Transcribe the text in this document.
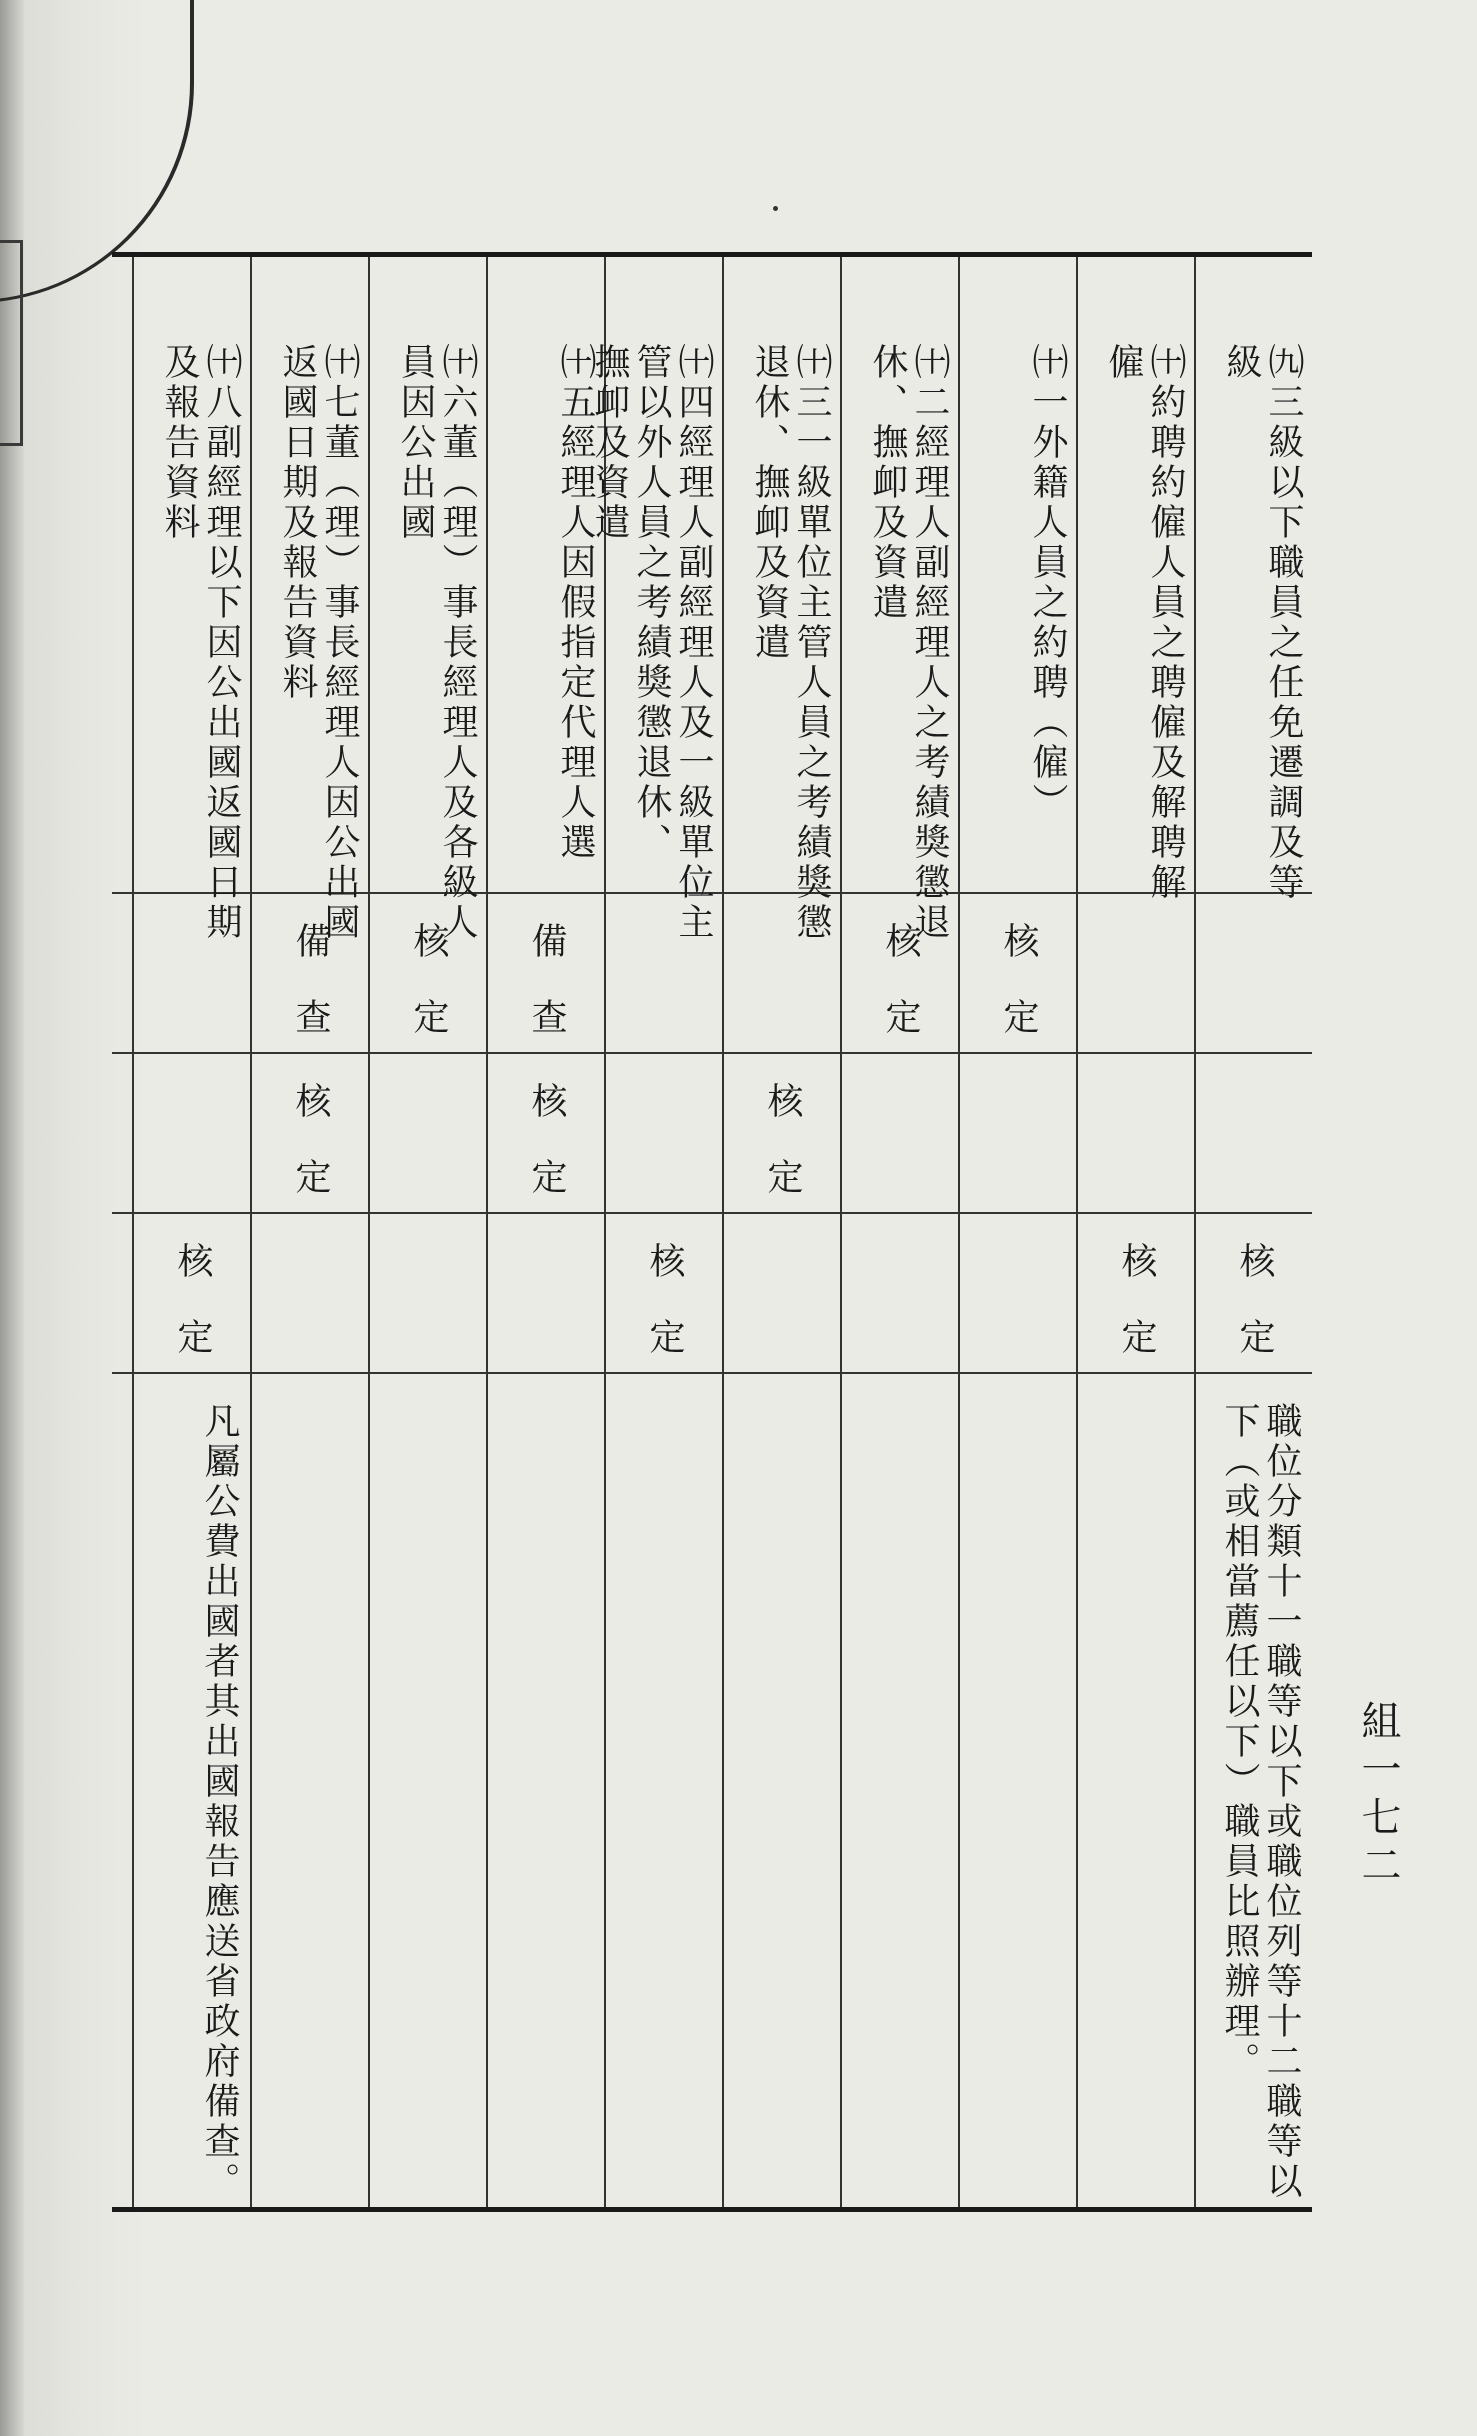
㈨三級以下職員之任免遷調及等
級
核定
職位分類十一職等以下或職位列等十二職等以
下（或相當薦任以下）職員比照辦理。
㈩約聘約僱人員之聘僱及解聘解
僱
核定
㈩一外籍人員之約聘（僱）
核定
㈩二經理人副經理人之考績獎懲退
休、撫卹及資遣
核定
㈩三一級單位主管人員之考績獎懲
退休、撫卹及資遣
核定
㈩四經理人副經理人及一級單位主
管以外人員之考績獎懲退休、
撫卹及資遣
核定
㈩五經理人因假指定代理人選
備查
核定
㈩六董（理）事長經理人及各級人
員因公出國
核定
㈩七董（理）事長經理人因公出國
返國日期及報告資料
備查
核定
㈩八副經理以下因公出國返國日期
及報告資料
核定
凡屬公費出國者其出國報告應送省政府備查。	組一七二
